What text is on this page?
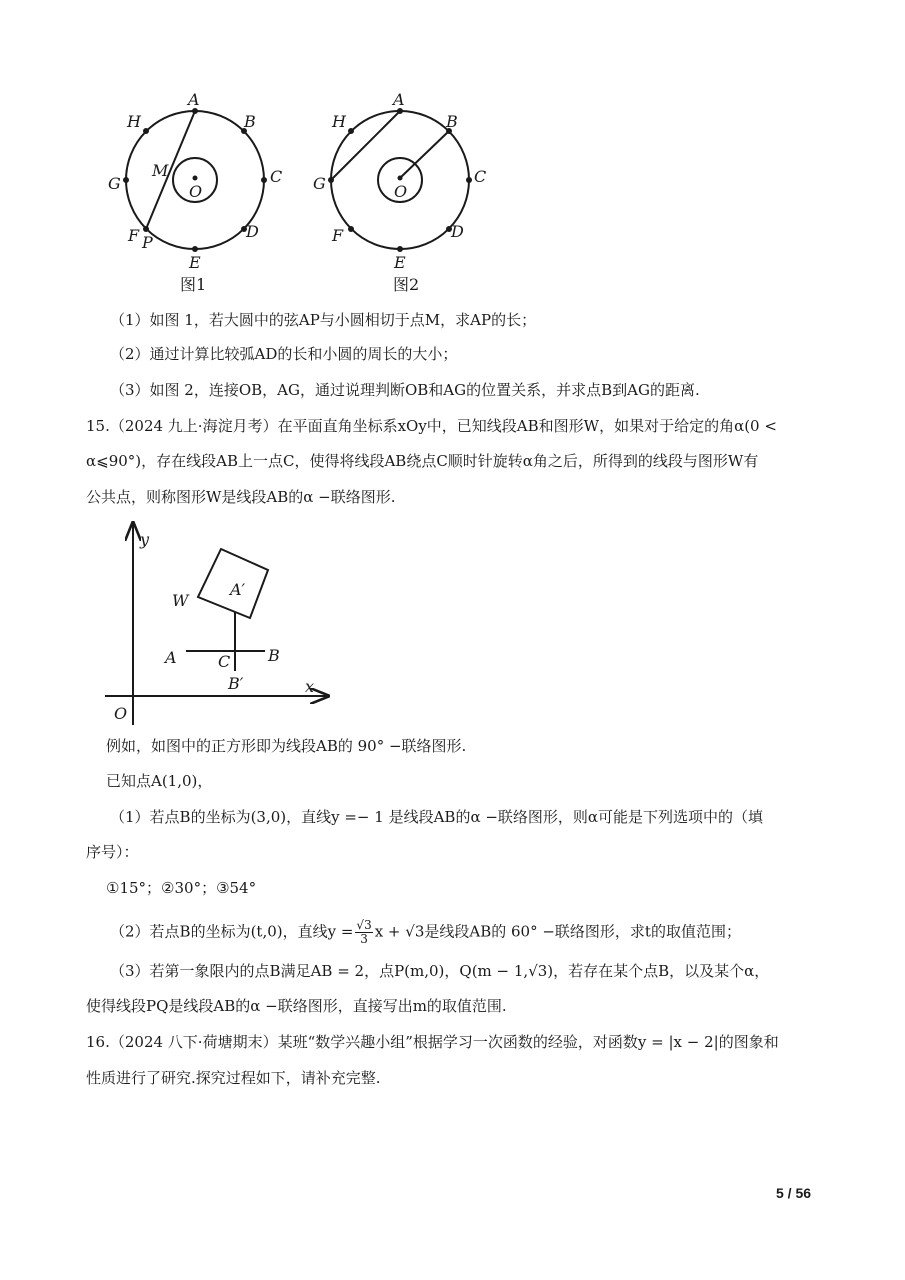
A
B
C
D
E
F P
G
H
M
O
图1
A
B
C
D
E
F
G
H
O
图2
（1）如图 1，若大圆中的弦AP与小圆相切于点M，求AP的长；
（2）通过计算比较弧AD的长和小圆的周长的大小；
（3）如图 2，连接OB，AG，通过说理判断OB和AG的位置关系，并求点B到AG的距离.
15.（2024 九上·海淀月考）在平面直角坐标系xOy中，已知线段AB和图形W，如果对于给定的角α(0 <
α⩽90°)，存在线段AB上一点C，使得将线段AB绕点C顺时针旋转α角之后，所得到的线段与图形W有
公共点，则称图形W是线段AB的α −联络图形.
y
x
O
W
A′
A	B
C
B′
例如，如图中的正方形即为线段AB的 90° −联络图形.
已知点A(1,0)，
（1）若点B的坐标为(3,0)，直线y =− 1 是线段AB的α −联络图形，则α可能是下列选项中的（填
序号）：
①15°；②30°；③54°
（2）若点B的坐标为(t,0)，直线$y = \frac{√3}{3}$ x + √3是线段AB的 60° −联络图形，求t的取值范围；
（3）若第一象限内的点B满足AB = 2，点P(m,0)，Q(m − 1,√3)，若存在某个点B，以及某个α，
使得线段PQ是线段AB的α −联络图形，直接写出m的取值范围.
16.（2024 八下·荷塘期末）某班“数学兴趣小组”根据学习一次函数的经验，对函数y = |x − 2|的图象和
性质进行了研究.探究过程如下，请补充完整.
5 / 56
